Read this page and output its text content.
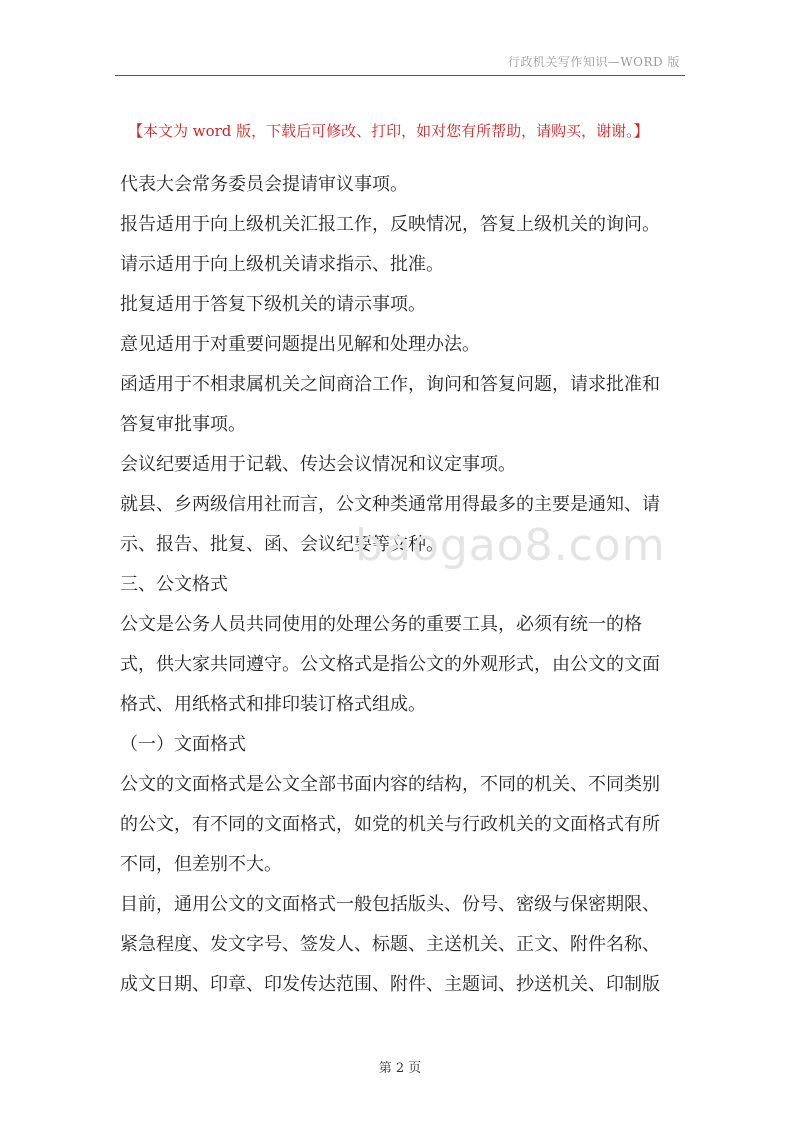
行政机关写作知识—WORD 版
【本文为 word 版，下载后可修改、打印，如对您有所帮助，请购买，谢谢。】

代表大会常务委员会提请审议事项。

报告适用于向上级机关汇报工作，反映情况，答复上级机关的询问。

请示适用于向上级机关请求指示、批准。

批复适用于答复下级机关的请示事项。

意见适用于对重要问题提出见解和处理办法。

函适用于不相隶属机关之间商洽工作，询问和答复问题，请求批准和

答复审批事项。

会议纪要适用于记载、传达会议情况和议定事项。

就县、乡两级信用社而言，公文种类通常用得最多的主要是通知、请

示、报告、批复、函、会议纪要等文种。

三、公文格式

公文是公务人员共同使用的处理公务的重要工具，必须有统一的格

式，供大家共同遵守。公文格式是指公文的外观形式，由公文的文面

格式、用纸格式和排印装订格式组成。

（一）文面格式

公文的文面格式是公文全部书面内容的结构，不同的机关、不同类别

的公文，有不同的文面格式，如党的机关与行政机关的文面格式有所

不同，但差别不大。

目前，通用公文的文面格式一般包括版头、份号、密级与保密期限、

紧急程度、发文字号、签发人、标题、主送机关、正文、附件名称、

成文日期、印章、印发传达范围、附件、主题词、抄送机关、印制版

baogao8.com
第 2 页
